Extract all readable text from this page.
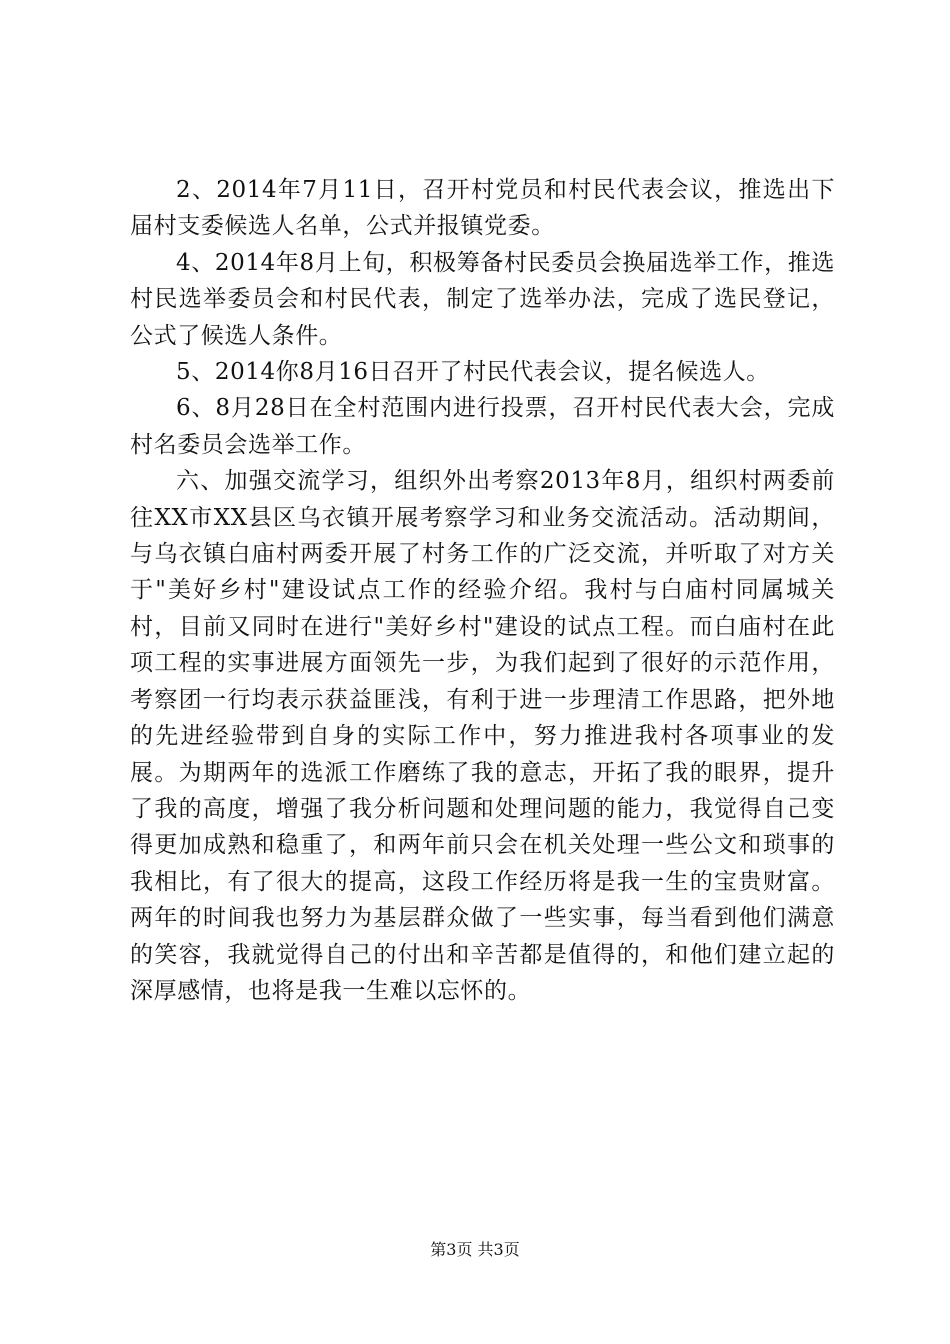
2、2014年7月11日，召开村党员和村民代表会议，推选出下届村支委候选人名单，公式并报镇党委。

4、2014年8月上旬，积极筹备村民委员会换届选举工作，推选村民选举委员会和村民代表，制定了选举办法，完成了选民登记，公式了候选人条件。

5、2014你8月16日召开了村民代表会议，提名候选人。

6、8月28日在全村范围内进行投票，召开村民代表大会，完成村名委员会选举工作。

六、加强交流学习，组织外出考察2013年8月，组织村两委前往XX市XX县区乌衣镇开展考察学习和业务交流活动。活动期间，与乌衣镇白庙村两委开展了村务工作的广泛交流，并听取了对方关于"美好乡村"建设试点工作的经验介绍。我村与白庙村同属城关村，目前又同时在进行"美好乡村"建设的试点工程。而白庙村在此项工程的实事进展方面领先一步，为我们起到了很好的示范作用，考察团一行均表示获益匪浅，有利于进一步理清工作思路，把外地的先进经验带到自身的实际工作中，努力推进我村各项事业的发展。为期两年的选派工作磨练了我的意志，开拓了我的眼界，提升了我的高度，增强了我分析问题和处理问题的能力，我觉得自己变得更加成熟和稳重了，和两年前只会在机关处理一些公文和琐事的我相比，有了很大的提高，这段工作经历将是我一生的宝贵财富。两年的时间我也努力为基层群众做了一些实事，每当看到他们满意的笑容，我就觉得自己的付出和辛苦都是值得的，和他们建立起的深厚感情，也将是我一生难以忘怀的。

第3页 共3页
